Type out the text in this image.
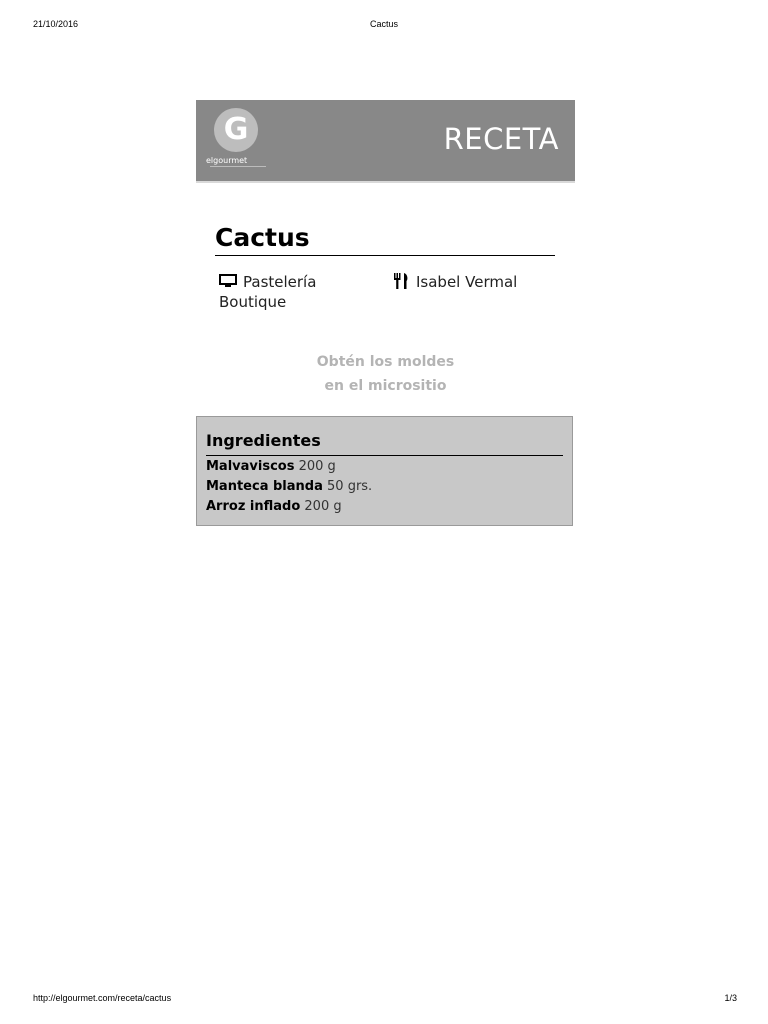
21/10/2016	Cactus
G
elgourmet
RECETA
Cactus
Pastelería Boutique
Isabel Vermal
Obtén los moldes
en el micrositio
Ingredientes
Malvaviscos 200 g
Manteca blanda 50 grs.
Arroz inflado 200 g
http://elgourmet.com/receta/cactus	1/3
